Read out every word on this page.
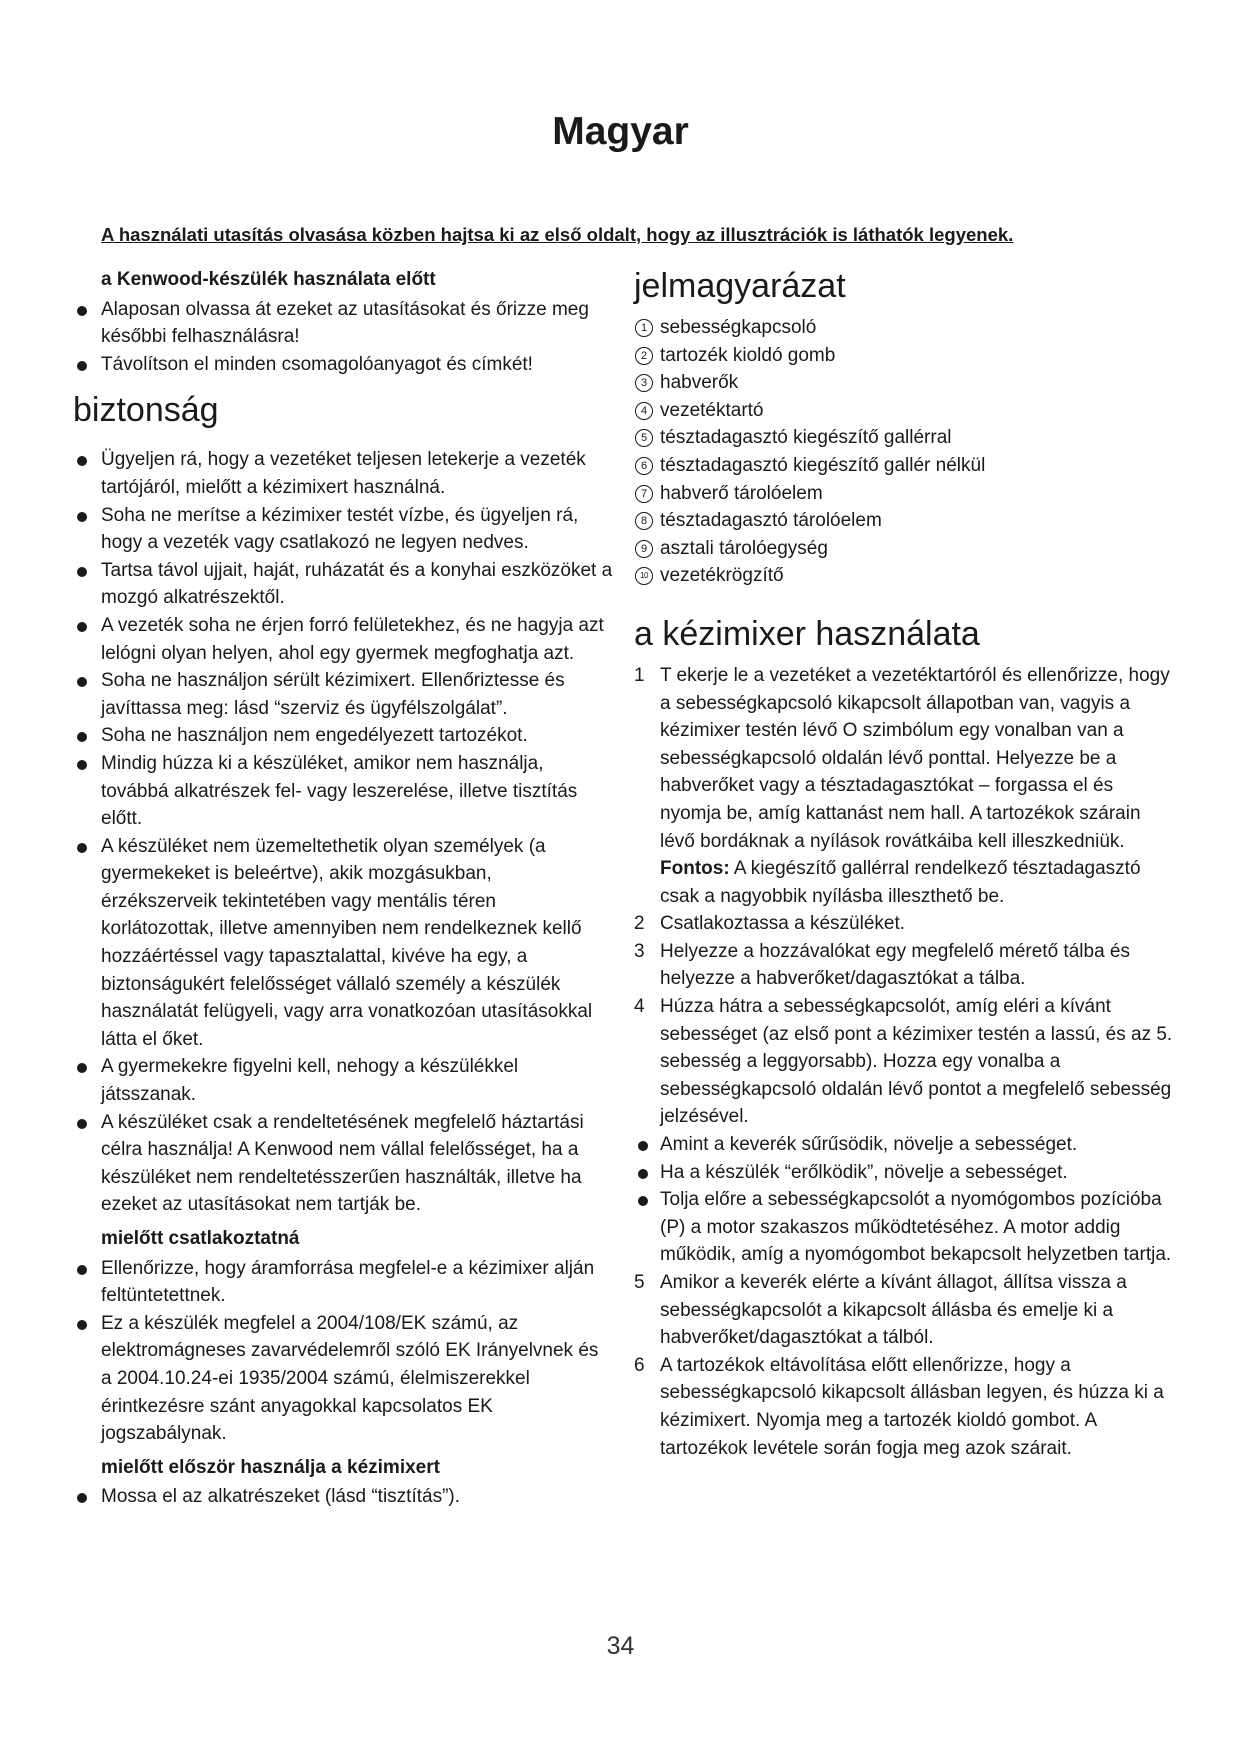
Magyar

A használati utasítás olvasása közben hajtsa ki az első oldalt, hogy az illusztrációk is láthatók legyenek.

a Kenwood-készülék használata előtt
Alaposan olvassa át ezeket az utasításokat és őrizze meg későbbi felhasználásra!
Távolítson el minden csomagolóanyagot és címkét!
biztonság
Ügyeljen rá, hogy a vezetéket teljesen letekerje a vezeték tartójáról, mielőtt a kézimixert használná.
Soha ne merítse a kézimixer testét vízbe, és ügyeljen rá, hogy a vezeték vagy csatlakozó ne legyen nedves.
Tartsa távol ujjait, haját, ruházatát és a konyhai eszközöket a mozgó alkatrészektől.
A vezeték soha ne érjen forró felületekhez, és ne hagyja azt lelógni olyan helyen, ahol egy gyermek megfoghatja azt.
Soha ne használjon sérült kézimixert. Ellenőriztesse és javíttassa meg: lásd “szerviz és ügyfélszolgálat”.
Soha ne használjon nem engedélyezett tartozékot.
Mindig húzza ki a készüléket, amikor nem használja, továbbá alkatrészek fel- vagy leszerelése, illetve tisztítás előtt.
A készüléket nem üzemeltethetik olyan személyek (a gyermekeket is beleértve), akik mozgásukban, érzékszerveik tekintetében vagy mentális téren korlátozottak, illetve amennyiben nem rendelkeznek kellő hozzáértéssel vagy tapasztalattal, kivéve ha egy, a biztonságukért felelősséget vállaló személy a készülék használatát felügyeli, vagy arra vonatkozóan utasításokkal látta el őket.
A gyermekekre figyelni kell, nehogy a készülékkel játsszanak.
A készüléket csak a rendeltetésének megfelelő háztartási célra használja! A Kenwood nem vállal felelősséget, ha a készüléket nem rendeltetésszerűen használták, illetve ha ezeket az utasításokat nem tartják be.
mielőtt csatlakoztatná
Ellenőrizze, hogy áramforrása megfelel-e a kézimixer alján feltüntetettnek.
Ez a készülék megfelel a 2004/108/EK számú, az elektromágneses zavarvédelemről szóló EK Irányelvnek és a 2004.10.24-ei 1935/2004 számú, élelmiszerekkel érintkezésre szánt anyagokkal kapcsolatos EK jogszabálynak.
mielőtt először használja a kézimixert
Mossa el az alkatrészeket (lásd “tisztítás”).
jelmagyarázat
1 sebességkapcsoló
2 tartozék kioldó gomb
3 habverők
4 vezetéktartó
5 tésztadagasztó kiegészítő gallérral
6 tésztadagasztó kiegészítő gallér nélkül
7 habverő tárolóelem
8 tésztadagasztó tárolóelem
9 asztali tárolóegység
10 vezetékrögzítő
a kézimixer használata
1 T ekerje le a vezetéket a vezetéktartóról és ellenőrizze, hogy a sebességkapcsoló kikapcsolt állapotban van, vagyis a kézimixer testén lévő O szimbólum egy vonalban van a sebességkapcsoló oldalán lévő ponttal. Helyezze be a habverőket vagy a tésztadagasztókat – forgassa el és nyomja be, amíg kattanást nem hall. A tartozékok szárain lévő bordáknak a nyílások rovátkáiba kell illeszkedniük.
Fontos: A kiegészítő gallérral rendelkező tésztadagasztó csak a nagyobbik nyílásba illeszthető be.
2 Csatlakoztassa a készüléket.
3 Helyezze a hozzávalókat egy megfelelő mérető tálba és helyezze a habverőket/dagasztókat a tálba.
4 Húzza hátra a sebességkapcsolót, amíg eléri a kívánt sebességet (az első pont a kézimixer testén a lassú, és az 5. sebesség a leggyorsabb). Hozza egy vonalba a sebességkapcsoló oldalán lévő pontot a megfelelő sebesség jelzésével.
Amint a keverék sűrűsödik, növelje a sebességet.
Ha a készülék “erőlködik”, növelje a sebességet.
Tolja előre a sebességkapcsolót a nyomógombos pozícióba (P) a motor szakaszos működtetéséhez. A motor addig működik, amíg a nyomógombot bekapcsolt helyzetben tartja.
5 Amikor a keverék elérte a kívánt állagot, állítsa vissza a sebességkapcsolót a kikapcsolt állásba és emelje ki a habverőket/dagasztókat a tálból.
6 A tartozékok eltávolítása előtt ellenőrizze, hogy a sebességkapcsoló kikapcsolt állásban legyen, és húzza ki a kézimixert. Nyomja meg a tartozék kioldó gombot. A tartozékok levétele során fogja meg azok szárait.
34
